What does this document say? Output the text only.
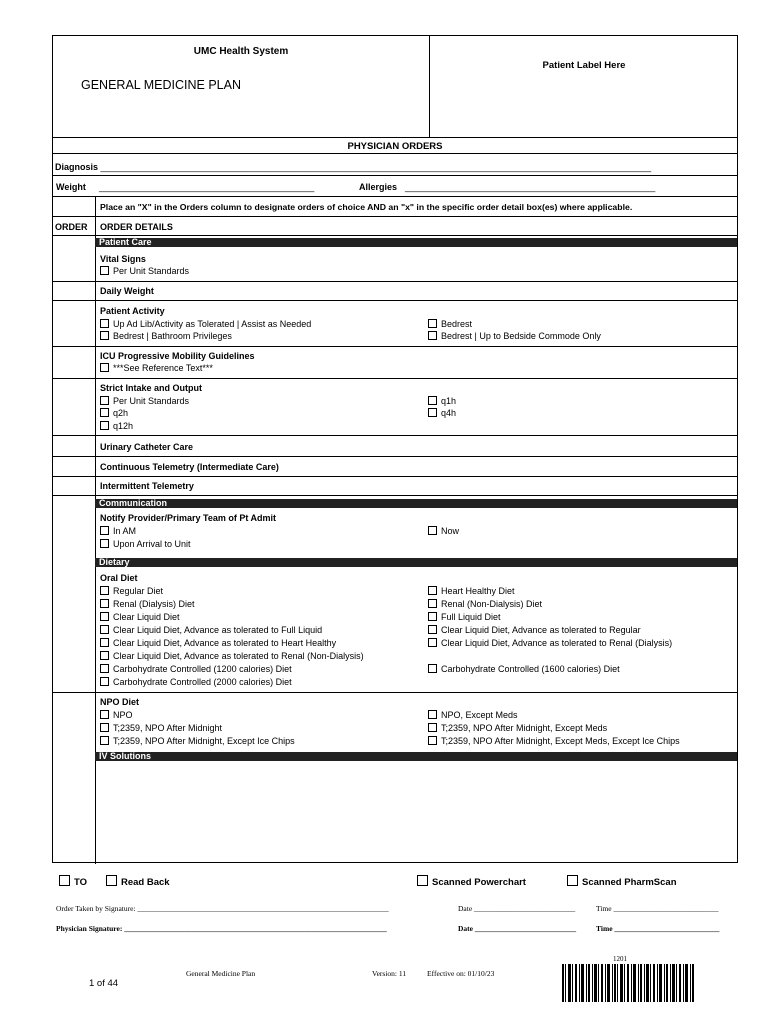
UMC Health System
GENERAL MEDICINE PLAN
Patient Label Here
PHYSICIAN ORDERS
Diagnosis ______________________________________________________________________________________________________________
Weight ___________________________________________	Allergies __________________________________________________
Place an "X" in the Orders column to designate orders of choice AND an "x" in the specific order detail box(es) where applicable.
ORDER ORDER DETAILS
Patient Care
Vital Signs
Per Unit Standards
Daily Weight
Patient Activity
Up Ad Lib/Activity as Tolerated | Assist as Needed
Bedrest | Bathroom Privileges
Bedrest
Bedrest | Up to Bedside Commode Only
ICU Progressive Mobility Guidelines
***See Reference Text***
Strict Intake and Output
Per Unit Standards
q2h
q12h
q1h
q4h
Urinary Catheter Care
Continuous Telemetry (Intermediate Care)
Intermittent Telemetry
Communication
Notify Provider/Primary Team of Pt Admit
In AM
Upon Arrival to Unit
Now
Dietary
Oral Diet
Regular Diet
Renal (Dialysis) Diet
Clear Liquid Diet
Clear Liquid Diet, Advance as tolerated to Full Liquid
Clear Liquid Diet, Advance as tolerated to Heart Healthy
Clear Liquid Diet, Advance as tolerated to Renal (Non-Dialysis)
Carbohydrate Controlled (1200 calories) Diet
Carbohydrate Controlled (2000 calories) Diet
Heart Healthy Diet
Renal (Non-Dialysis) Diet
Full Liquid Diet
Clear Liquid Diet, Advance as tolerated to Regular
Clear Liquid Diet, Advance as tolerated to Renal (Dialysis)
Carbohydrate Controlled (1600 calories) Diet
NPO Diet
NPO
T;2359, NPO After Midnight
T;2359, NPO After Midnight, Except Ice Chips
NPO, Except Meds
T;2359, NPO After Midnight, Except Meds
T;2359, NPO After Midnight, Except Meds, Except Ice Chips
IV Solutions
TO	Read Back	Scanned Powerchart	Scanned PharmScan
Order Taken by Signature: ___________________________________________________________________	Date ___________________________	Time ____________________________
Physician Signature: ______________________________________________________________________	Date ___________________________	Time ____________________________
General Medicine Plan	Version: 11	Effective on: 01/10/23
1 of 44
1201
